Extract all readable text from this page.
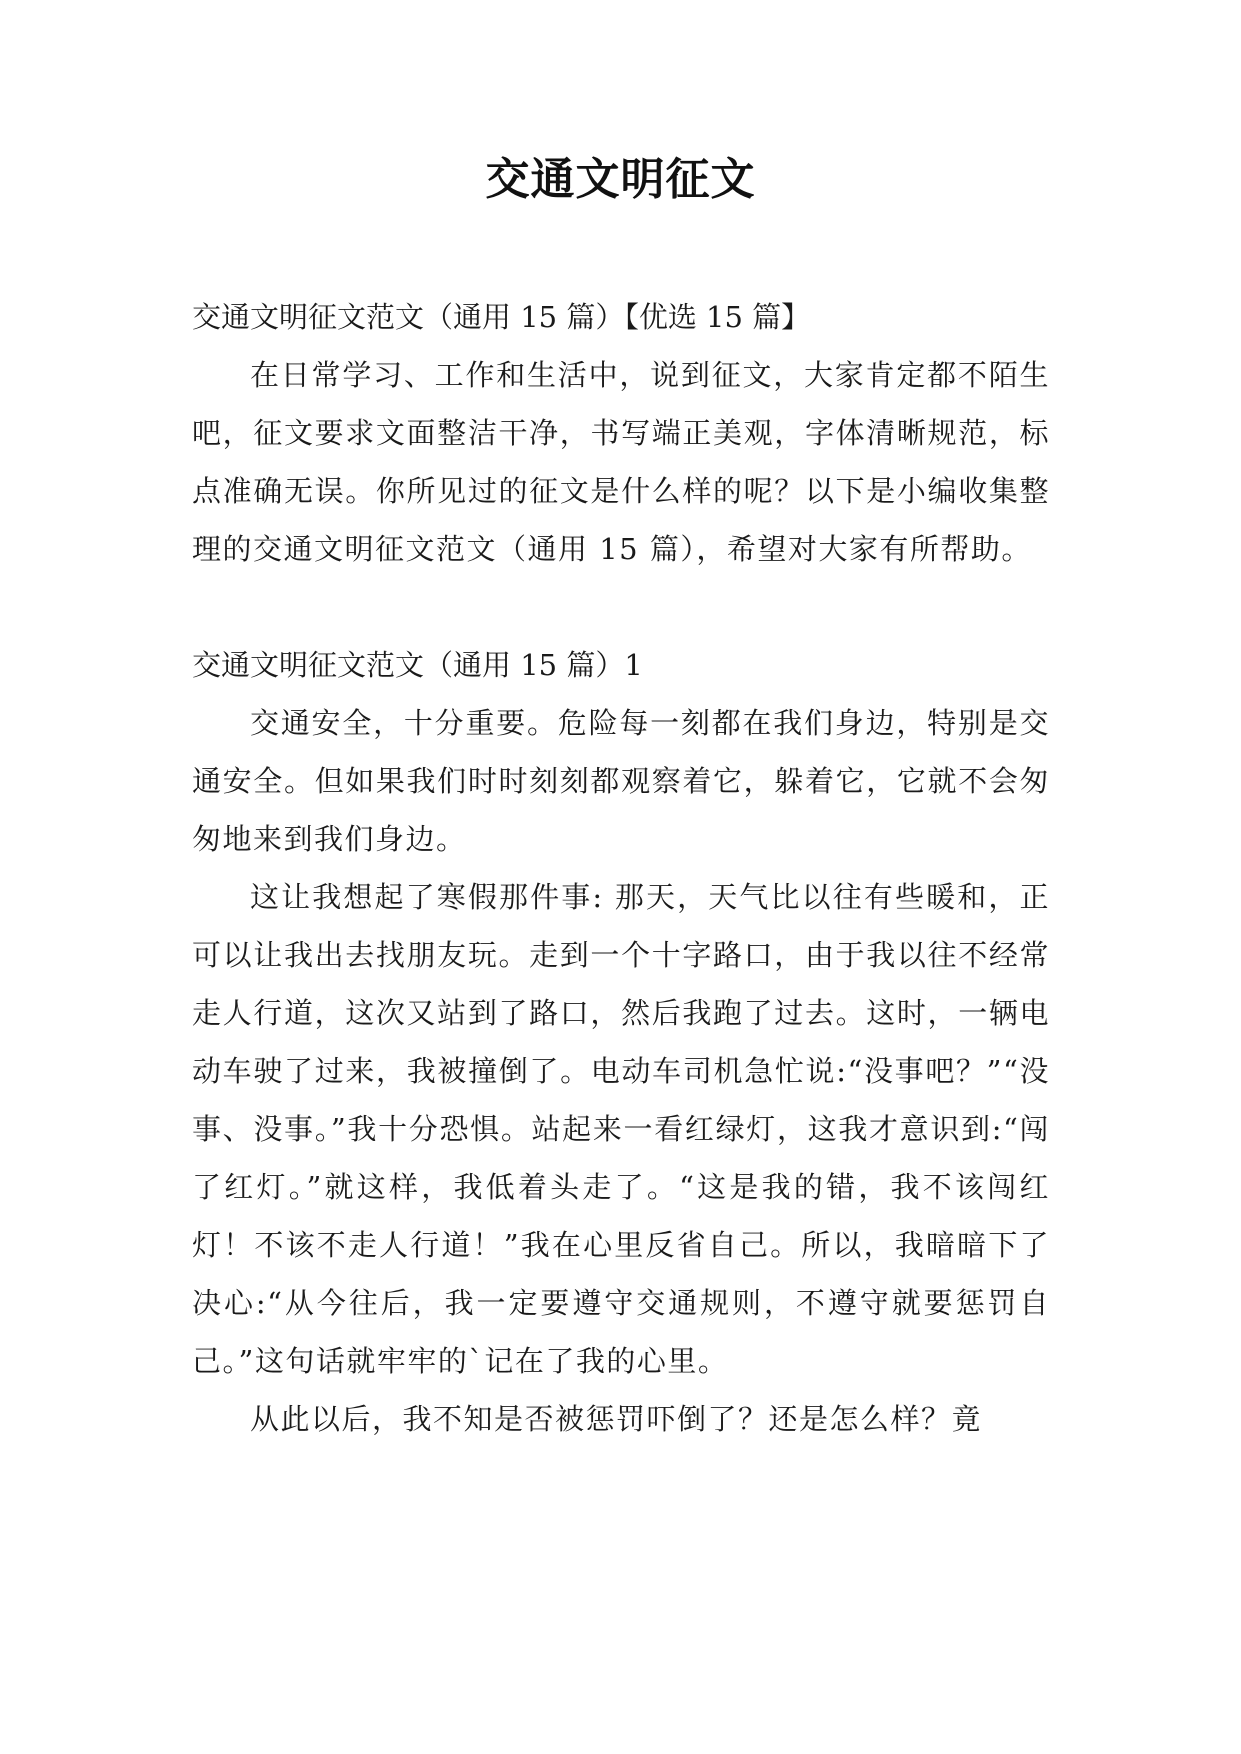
交通文明征文

交通文明征文范文（通用 15 篇）【优选 15 篇】

在日常学习、工作和生活中，说到征文，大家肯定都不陌生吧，征文要求文面整洁干净，书写端正美观，字体清晰规范，标点准确无误。你所见过的征文是什么样的呢？以下是小编收集整理的交通文明征文范文（通用 15 篇），希望对大家有所帮助。

交通文明征文范文（通用 15 篇）1

交通安全，十分重要。危险每一刻都在我们身边，特别是交通安全。但如果我们时时刻刻都观察着它，躲着它，它就不会匆匆地来到我们身边。

这让我想起了寒假那件事: 那天，天气比以往有些暖和，正可以让我出去找朋友玩。走到一个十字路口，由于我以往不经常走人行道，这次又站到了路口，然后我跑了过去。这时，一辆电动车驶了过来，我被撞倒了。电动车司机急忙说:“没事吧？”“没事、没事。”我十分恐惧。站起来一看红绿灯，这我才意识到:“闯了红灯。”就这样，我低着头走了。“这是我的错，我不该闯红灯！不该不走人行道！”我在心里反省自己。所以，我暗暗下了决心:“从今往后，我一定要遵守交通规则，不遵守就要惩罚自己。”这句话就牢牢的`记在了我的心里。

从此以后，我不知是否被惩罚吓倒了？还是怎么样？竟
